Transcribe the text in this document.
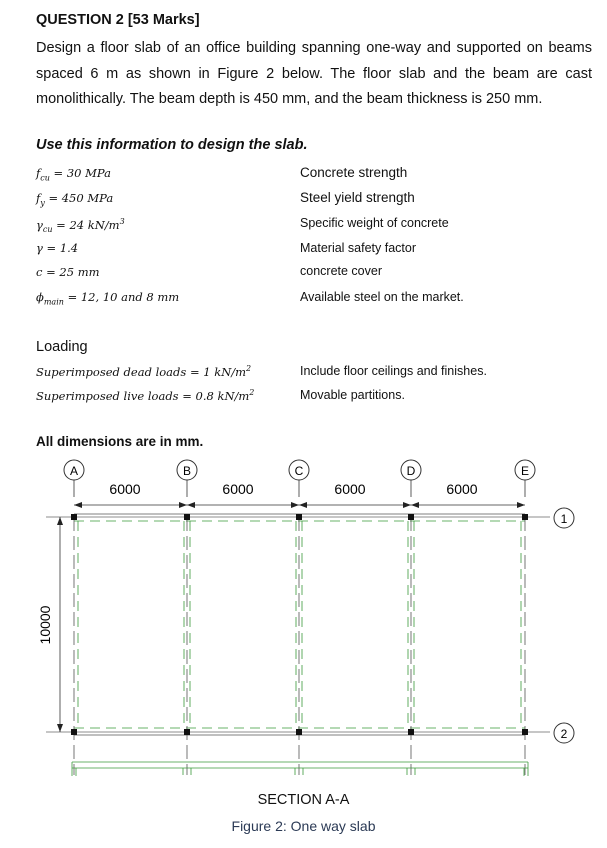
QUESTION 2 [53 Marks]
Design a floor slab of an office building spanning one-way and supported on beams spaced 6 m as shown in Figure 2 below. The floor slab and the beam are cast monolithically. The beam depth is 450 mm, and the beam thickness is 250 mm.
Use this information to design the slab.
$f_{cu} = 30$ MPa	Concrete strength
$f_y = 450$ MPa	Steel yield strength
$\gamma_{cu} = 24$ $kN/m^3$	Specific weight of concrete
γ = 1.4	Material safety factor
c = 25 mm	concrete cover
$\phi_{main} = 12$, 10 and 8 mm	Available steel on the market.
Loading
Superimposed dead loads = 1 $kN/m^2$	Include floor ceilings and finishes.
Superimposed live loads = 0.8 $kN/m^2$	Movable partitions.
All dimensions are in mm.
A	B	C	D	E
6000	6000	6000	6000
10000
1
2
SECTION A-A
Figure 2: One way slab
